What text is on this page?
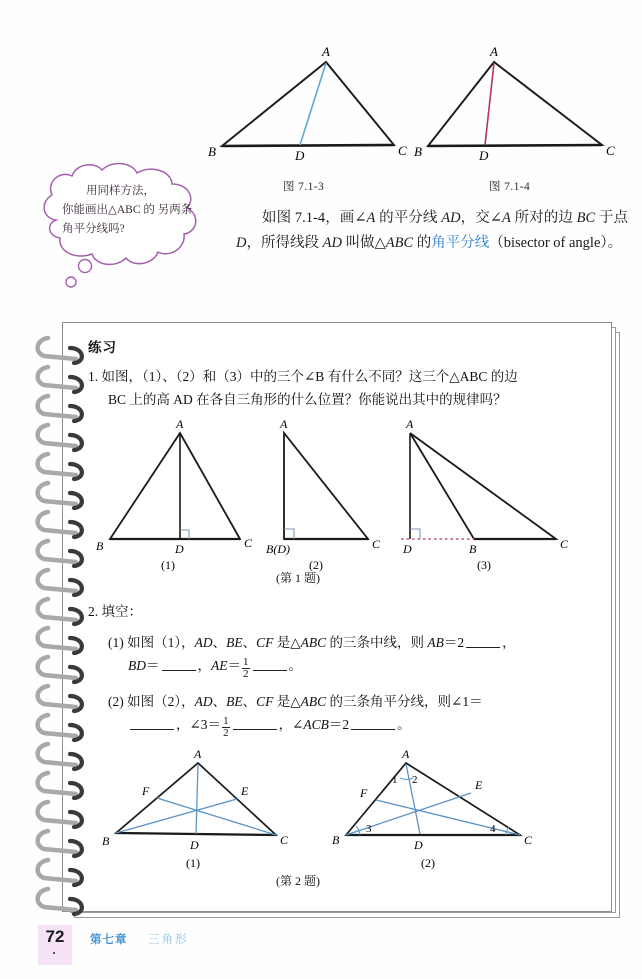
A
B	D	C
A
B	D	C
图 7.1-3	图 7.1-4
用同样方法，
你能画出△ABC 的 另两条角平分线吗?
如图 7.1-4，画∠A 的平分线 AD，交∠A 所对的边 BC 于点 D，所得线段 AD 叫做△ABC 的角平分线（bisector of angle）。
练习
1. 如图，（1）、（2）和（3）中的三个∠B 有什么不同？这三个△ABC 的边
BC 上的高 AD 在各自三角形的什么位置？你能说出其中的规律吗？
A
B	D	C
(1)
A
B(D)	C
(2)
A
D	B	C
(3)
(第 1 题)
2. 填空：
(1) 如图（1），AD、BE、CF 是△ABC 的三条中线，则 AB＝2	，
BD＝	，$AE= \frac{1}{2}$	。
(2) 如图（2），AD、BE、CF 是△ABC 的三条角平分线，则∠1＝
，∠3＝ $\frac{1}{2}$	，∠ACB＝2	。
A
B	C
D
E
F
(1)
A
B	C
D
E
F
1 2
3	4
(2)
(第 2 题)
72	第七章 三角形
